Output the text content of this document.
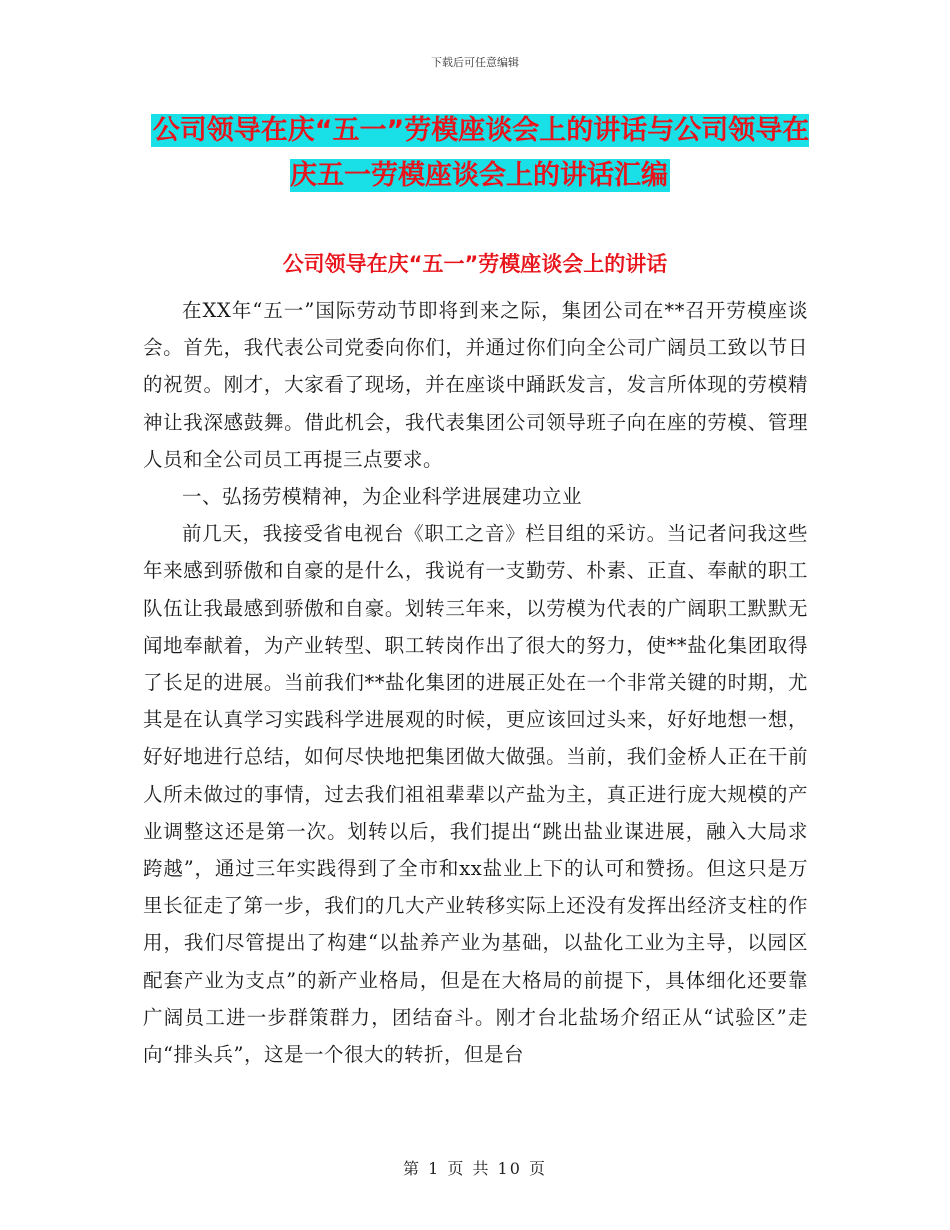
下载后可任意编辑
公司领导在庆“五一”劳模座谈会上的讲话与公司领导在庆五一劳模座谈会上的讲话汇编
公司领导在庆“五一”劳模座谈会上的讲话

在XX年“五一”国际劳动节即将到来之际，集团公司在**召开劳模座谈会。首先，我代表公司党委向你们，并通过你们向全公司广阔员工致以节日的祝贺。刚才，大家看了现场，并在座谈中踊跃发言，发言所体现的劳模精神让我深感鼓舞。借此机会，我代表集团公司领导班子向在座的劳模、管理人员和全公司员工再提三点要求。

一、弘扬劳模精神，为企业科学进展建功立业

前几天，我接受省电视台《职工之音》栏目组的采访。当记者问我这些年来感到骄傲和自豪的是什么，我说有一支勤劳、朴素、正直、奉献的职工队伍让我最感到骄傲和自豪。划转三年来，以劳模为代表的广阔职工默默无闻地奉献着，为产业转型、职工转岗作出了很大的努力，使**盐化集团取得了长足的进展。当前我们**盐化集团的进展正处在一个非常关键的时期，尤其是在认真学习实践科学进展观的时候，更应该回过头来，好好地想一想，好好地进行总结，如何尽快地把集团做大做强。当前，我们金桥人正在干前人所未做过的事情，过去我们祖祖辈辈以产盐为主，真正进行庞大规模的产业调整这还是第一次。划转以后，我们提出“跳出盐业谋进展，融入大局求跨越”，通过三年实践得到了全市和xx盐业上下的认可和赞扬。但这只是万里长征走了第一步，我们的几大产业转移实际上还没有发挥出经济支柱的作用，我们尽管提出了构建“以盐养产业为基础，以盐化工业为主导，以园区配套产业为支点”的新产业格局，但是在大格局的前提下，具体细化还要靠广阔员工进一步群策群力，团结奋斗。刚才台北盐场介绍正从“试验区”走向“排头兵”，这是一个很大的转折，但是台

第 1 页 共 10 页
